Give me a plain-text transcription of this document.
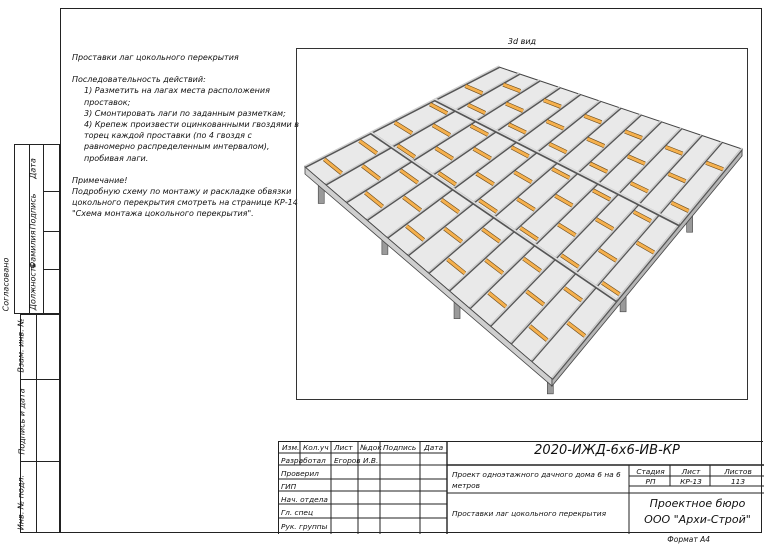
Согласовано Должность
Фамилия
Подпись
Дата
Взам. инв. №
Подпись и дата
Инв. № подл.

Проставки лаг цокольного перекрытия

Последовательность действий:

1) Разметить на лагах места расположения проставок;

3) Смонтировать лаги по заданным разметкам;

4) Крепеж произвести оцинкованными гвоздями в торец каждой проставки (по 4 гвоздя с равномерно распределенным интервалом), пробивая лаги.

Примечание!

Подробную схему по монтажу и раскладке обвязки цокольного перекрытия смотреть на странице КР-14 "Схема монтажа цокольного перекрытия".

3d вид
Изм. Кол.уч Лист №док Подпись Дата
Разработал Егоров И.В.
Проверил
ГИП
Нач. отдела
Гл. спец
Рук. группы
2020-ИЖД-6х6-ИВ-КР
Проект одноэтажного дачного дома 6 на 6 метров
Стадия	Лист	Листов
РП	КР-13	113
Проставки лаг цокольного перекрытия
Проектное бюро
ООО "Архи-Строй"
Формат А4
